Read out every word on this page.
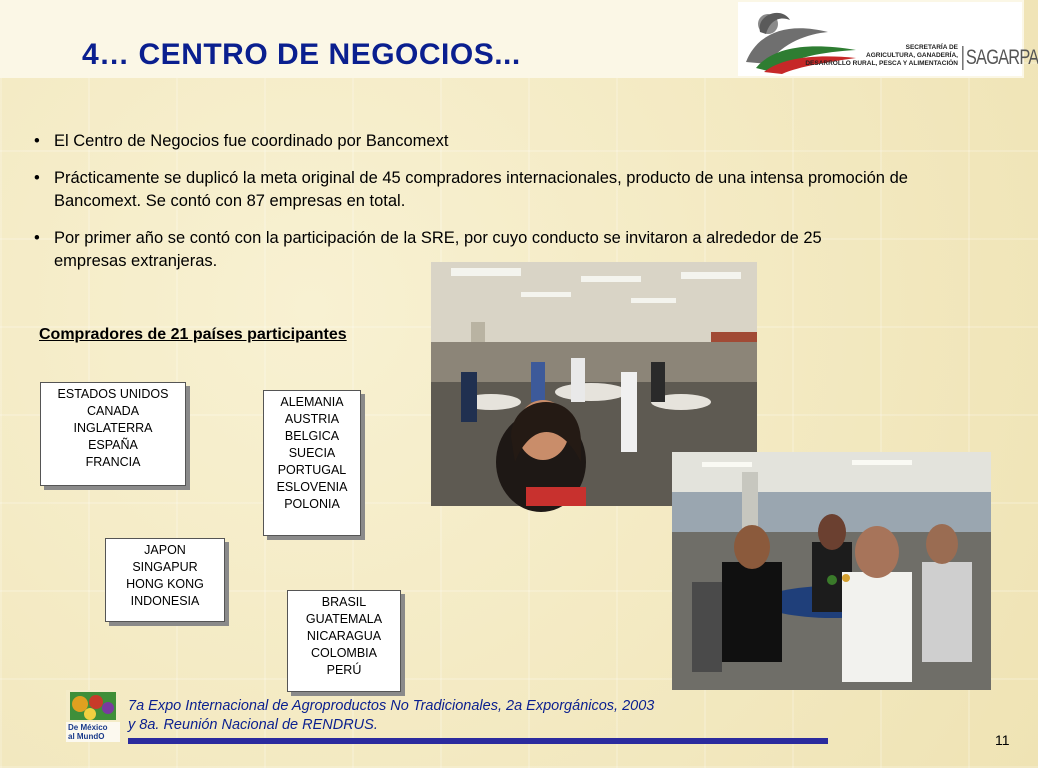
4… CENTRO DE NEGOCIOS...	SECRETARÍA DE
AGRICULTURA, GANADERÍA,
DESARROLLO RURAL, PESCA Y ALIMENTACIÓN SAGARPA
• El Centro de Negocios fue coordinado por Bancomext
• Prácticamente se duplicó la meta original de 45 compradores internacionales, producto de una intensa promoción de Bancomext. Se contó con 87 empresas en total.
• Por primer año se contó con la participación de la SRE, por cuyo conducto se invitaron a alrededor de 25 empresas extranjeras.
Compradores de 21 países participantes
ESTADOS UNIDOS
CANADA
INGLATERRA
ESPAÑA
FRANCIA
ALEMANIA
AUSTRIA
BELGICA
SUECIA
PORTUGAL
ESLOVENIA
POLONIA
JAPON
SINGAPUR
HONG KONG
INDONESIA	BRASIL
GUATEMALA
NICARAGUA
COLOMBIA
PERÚ
De México
al MundO
7a Expo Internacional de Agroproductos No Tradicionales, 2a Exporgánicos, 2003
y 8a. Reunión Nacional de RENDRUS.
11
